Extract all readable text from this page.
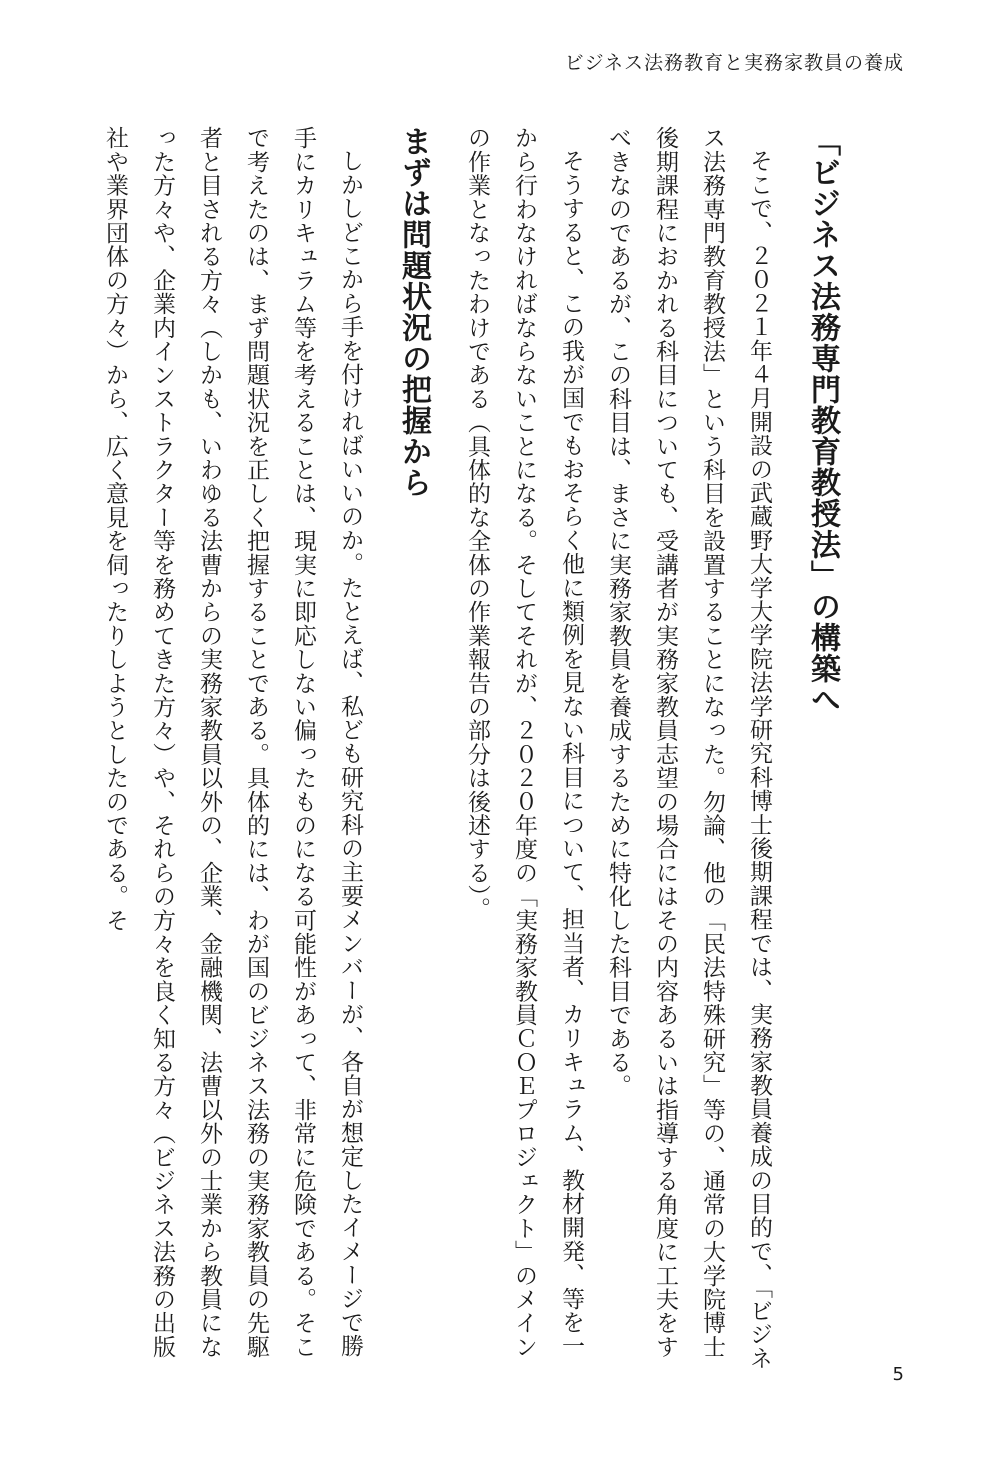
ビジネス法務教育と実務家教員の養成
「ビジネス法務専門教育教授法」の構築へ

そこで、２０２１年４月開設の武蔵野大学大学院法学研究科博士後期課程では、実務家教員養成の目的で、「ビジネス法務専門教育教授法」という科目を設置することになった。勿論、他の「民法特殊研究」等の、通常の大学院博士後期課程におかれる科目についても、受講者が実務家教員志望の場合にはその内容あるいは指導する角度に工夫をすべきなのであるが、この科目は、まさに実務家教員を養成するために特化した科目である。

そうすると、この我が国でもおそらく他に類例を見ない科目について、担当者、カリキュラム、教材開発、等を一から行わなければならないことになる。そしてそれが、２０２０年度の「実務家教員ＣＯＥプロジェクト」のメインの作業となったわけである（具体的な全体の作業報告の部分は後述する）。

まずは問題状況の把握から

しかしどこから手を付ければいいのか。たとえば、私ども研究科の主要メンバーが、各自が想定したイメージで勝手にカリキュラム等を考えることは、現実に即応しない偏ったものになる可能性があって、非常に危険である。そこで考えたのは、まず問題状況を正しく把握することである。具体的には、わが国のビジネス法務の実務家教員の先駆者と目される方々（しかも、いわゆる法曹からの実務家教員以外の、企業、金融機関、法曹以外の士業から教員になった方々や、企業内インストラクター等を務めてきた方々）や、それらの方々を良く知る方々（ビジネス法務の出版社や業界団体の方々）から、広く意見を伺ったりしようとしたのである。そ

5
